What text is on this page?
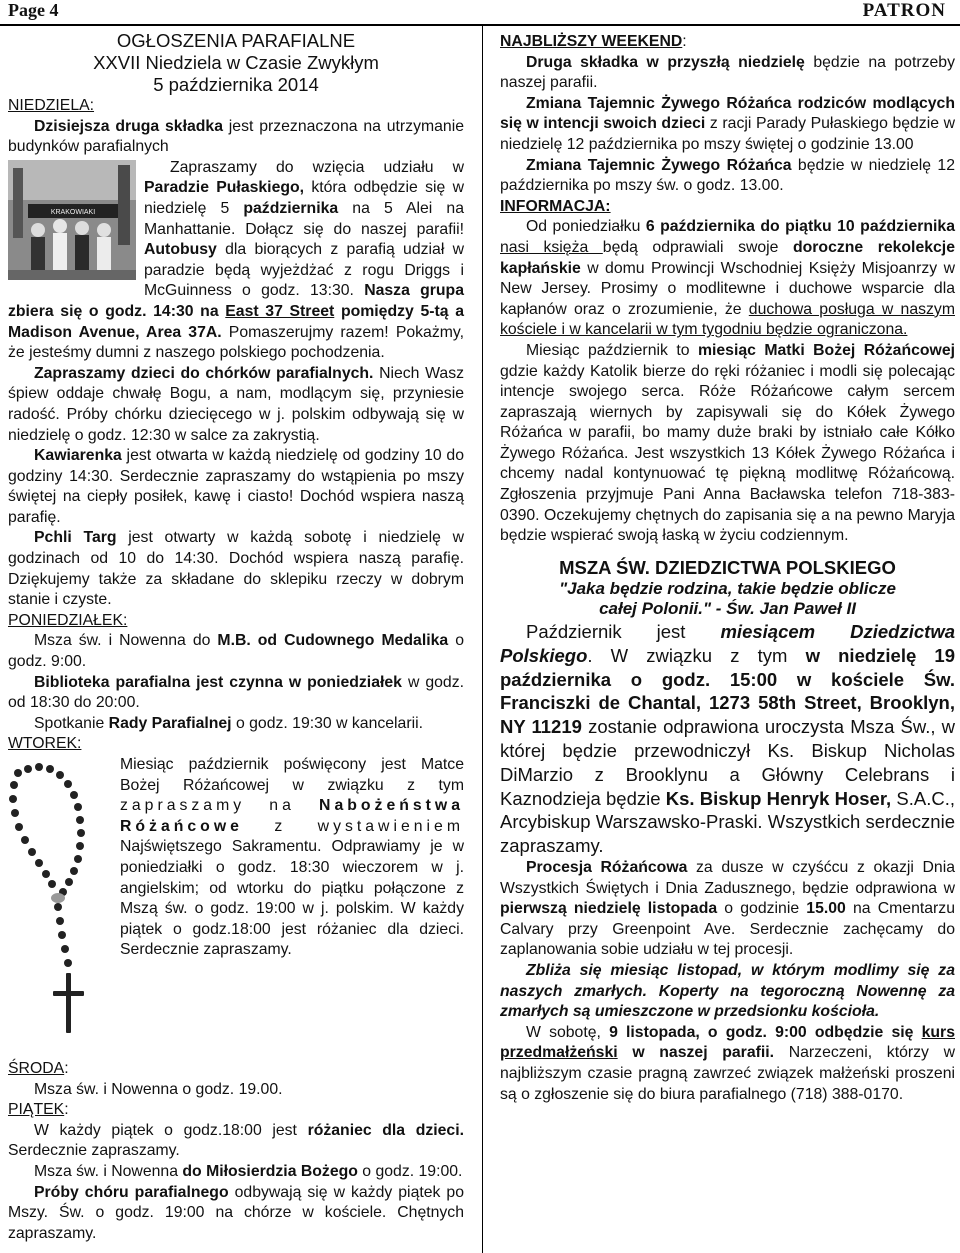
Page 4	PATRON

OGŁOSZENIA PARAFIALNE

XXVII Niedziela w Czasie Zwykłym

5 października 2014

NIEDZIELA:

Dzisiejsza druga składka jest przeznaczona na utrzymanie budynków parafialnych

KRAKOWIAKI

Zapraszamy do wzięcia udziału w Paradzie Pułaskiego, która odbędzie się w niedzielę 5 października na 5 Alei na Manhattanie. Dołącz się do naszej parafii! Autobusy dla biorących z parafią udział w paradzie będą wyjeżdżać z rogu Driggs i McGuinness o godz. 13:30. Nasza grupa zbiera się o godz. 14:30 na East 37 Street pomiędzy 5-tą a Madison Avenue, Area 37A. Pomaszerujmy razem! Pokażmy, że jesteśmy dumni z naszego polskiego pochodzenia.

Zapraszamy dzieci do chórków parafialnych. Niech Wasz śpiew oddaje chwałę Bogu, a nam, modlącym się, przyniesie radość. Próby chórku dziecięcego w j. polskim odbywają się w niedzielę o godz. 12:30 w salce za zakrystią.

Kawiarenka jest otwarta w każdą niedzielę od godziny 10 do godziny 14:30. Serdecznie zapraszamy do wstąpienia po mszy świętej na ciepły posiłek, kawę i ciasto! Dochód wspiera naszą parafię.

Pchli Targ jest otwarty w każdą sobotę i niedzielę w godzinach od 10 do 14:30. Dochód wspiera naszą parafię. Dziękujemy także za składane do sklepiku rzeczy w dobrym stanie i czyste.

PONIEDZIAŁEK:

Msza św. i Nowenna do M.B. od Cudownego Medalika o godz. 9:00.

Biblioteka parafialna jest czynna w poniedziałek w godz. od 18:30 do 20:00.

Spotkanie Rady Parafialnej o godz. 19:30 w kancelarii.

WTOREK:

Miesiąc październik poświęcony jest Matce Bożej Różańcowej w związku z tym zapraszamy na Nabożeństwa Różańcowe z wystawieniem Najświętszego Sakramentu. Odprawiamy je w poniedziałki o godz. 18:30 wieczorem w j. angielskim; od wtorku do piątku połączone z Mszą św. o godz. 19:00 w j. polskim. W każdy piątek o godz.18:00 jest różaniec dla dzieci. Serdecznie zapraszamy.

ŚRODA:

Msza św. i Nowenna o godz. 19.00.

PIĄTEK:

W każdy piątek o godz.18:00 jest różaniec dla dzieci. Serdecznie zapraszamy.

Msza św. i Nowenna do Miłosierdzia Bożego o godz. 19:00.

Próby chóru parafialnego odbywają się w każdy piątek po Mszy. Św. o godz. 19:00 na chórze w kościele. Chętnych zapraszamy.

NAJBLIŻSZY WEEKEND:

Druga składka w przyszłą niedzielę będzie na potrzeby naszej parafii.

Zmiana Tajemnic Żywego Różańca rodziców modlących się w intencji swoich dzieci z racji Parady Pułaskiego będzie w niedzielę 12 października po mszy świętej o godzinie 13.00

Zmiana Tajemnic Żywego Różańca będzie w niedzielę 12 października po mszy św. o godz. 13.00.

INFORMACJA:

Od poniedziałku 6 października do piątku 10 października nasi księża będą odprawiali swoje doroczne rekolekcje kapłańskie w domu Prowincji Wschodniej Księży Misjoanrzy w New Jersey. Prosimy o modlitewne i duchowe wsparcie dla kapłanów oraz o zrozumienie, że duchowa posługa w naszym kościele i w kancelarii w tym tygodniu będzie ograniczona.

Miesiąc październik to miesiąc Matki Bożej Różańcowej gdzie każdy Katolik bierze do ręki różaniec i modli się polecając intencje swojego serca. Róże Różańcowe całym sercem zapraszają wiernych by zapisywali się do Kółek Żywego Różańca w parafii, bo mamy duże braki by istniało całe Kółko Żywego Różańca. Jest wszystkich 13 Kółek Żywego Różańca i chcemy nadal kontynuować tę piękną modlitwę Różańcową. Zgłoszenia przyjmuje Pani Anna Bacławska telefon 718-383-0390. Oczekujemy chętnych do zapisania się a na pewno Maryja będzie wspierać swoją łaską w życiu codziennym.

MSZA ŚW. DZIEDZICTWA POLSKIEGO

"Jaka będzie rodzina, takie będzie oblicze

całej Polonii." - Św. Jan Paweł II

Październik jest miesiącem Dziedzictwa Polskiego. W związku z tym w niedzielę 19 października o godz. 15:00 w kościele Św. Franciszki de Chantal, 1273 58th Street, Brooklyn, NY 11219 zostanie odprawiona uroczysta Msza Św., w której będzie przewodniczył Ks. Biskup Nicholas DiMarzio z Brooklynu a Główny Celebrans i Kaznodzieja będzie Ks. Biskup Henryk Hoser, S.A.C., Arcybiskup Warszawsko-Praski. Wszystkich serdecznie zapraszamy.

Procesja Różańcowa za dusze w czyśćcu z okazji Dnia Wszystkich Świętych i Dnia Zadusznego, będzie odprawiona w pierwszą niedzielę listopada o godzinie 15.00 na Cmentarzu Calvary przy Greenpoint Ave. Serdecznie zachęcamy do zaplanowania sobie udziału w tej procesji.

Zbliża się miesiąc listopad, w którym modlimy się za naszych zmarłych. Koperty na tegoroczną Nowennę za zmarłych są umieszczone w przedsionku kościoła.

W sobotę, 9 listopada, o godz. 9:00 odbędzie się kurs przedmałżeński w naszej parafii. Narzeczeni, którzy w najbliższym czasie pragną zawrzeć związek małżeński proszeni są o zgłoszenie się do biura parafialnego (718) 388-0170.
